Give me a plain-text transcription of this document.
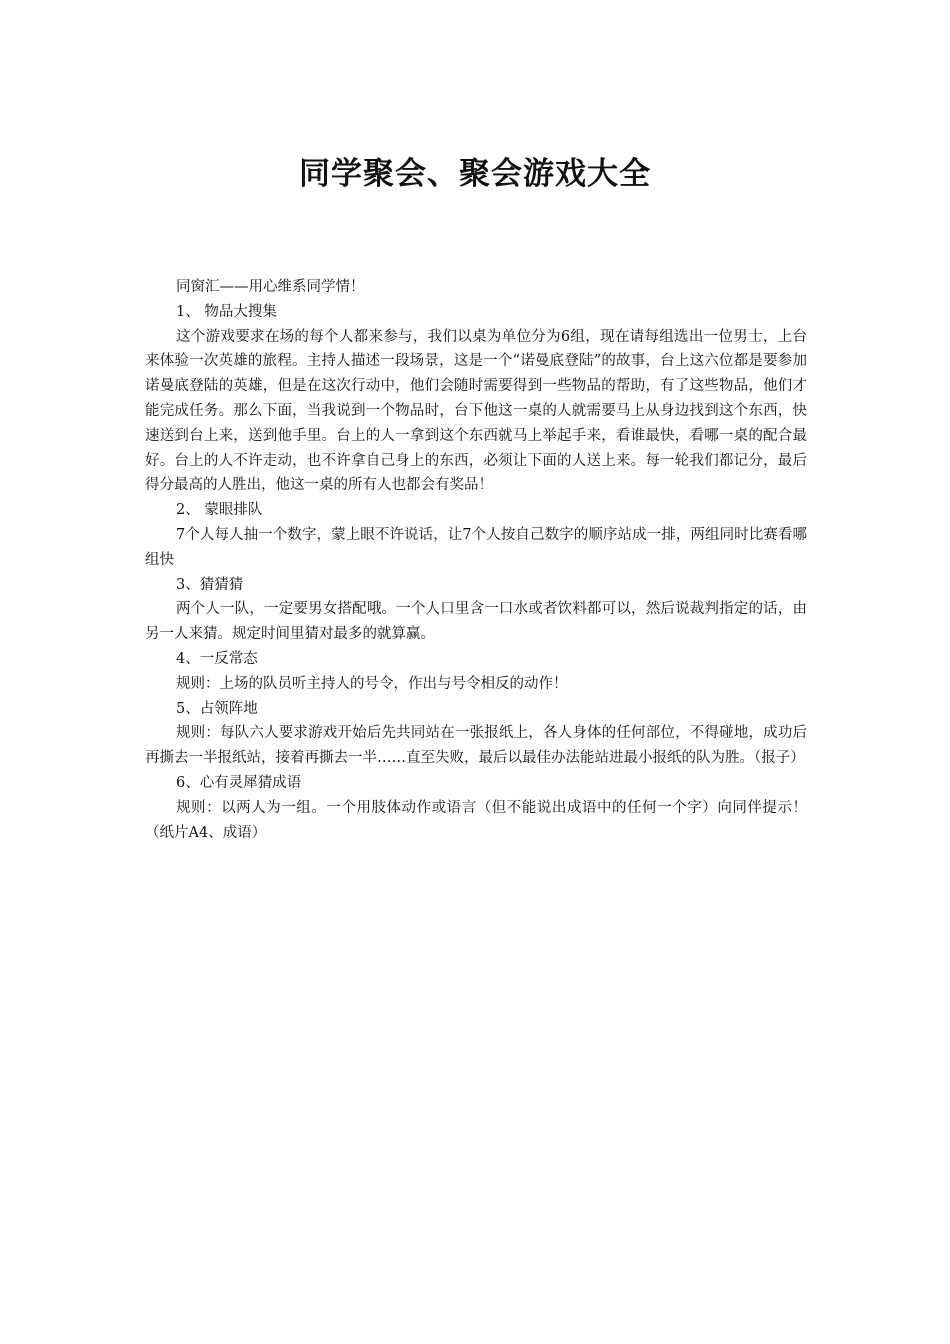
同学聚会、聚会游戏大全

同窗汇——用心维系同学情！

1、 物品大搜集

这个游戏要求在场的每个人都来参与，我们以桌为单位分为6组，现在请每组选出一位男士，上台来体验一次英雄的旅程。主持人描述一段场景，这是一个“诺曼底登陆”的故事，台上这六位都是要参加诺曼底登陆的英雄，但是在这次行动中，他们会随时需要得到一些物品的帮助，有了这些物品，他们才能完成任务。那么下面，当我说到一个物品时，台下他这一桌的人就需要马上从身边找到这个东西，快速送到台上来，送到他手里。台上的人一拿到这个东西就马上举起手来，看谁最快，看哪一桌的配合最好。台上的人不许走动，也不许拿自己身上的东西，必须让下面的人送上来。每一轮我们都记分，最后得分最高的人胜出，他这一桌的所有人也都会有奖品！

2、 蒙眼排队

7个人每人抽一个数字，蒙上眼不许说话，让7个人按自己数字的顺序站成一排，两组同时比赛看哪组快

3、猜猜猜

两个人一队，一定要男女搭配哦。一个人口里含一口水或者饮料都可以，然后说裁判指定的话，由另一人来猜。规定时间里猜对最多的就算赢。

4、一反常态

规则：上场的队员听主持人的号令，作出与号令相反的动作！

5、占领阵地

规则：每队六人要求游戏开始后先共同站在一张报纸上，各人身体的任何部位，不得碰地，成功后再撕去一半报纸站，接着再撕去一半……直至失败，最后以最佳办法能站进最小报纸的队为胜。（报子）

6、心有灵犀猜成语

规则：以两人为一组。一个用肢体动作或语言（但不能说出成语中的任何一个字）向同伴提示！（纸片A4、成语）
